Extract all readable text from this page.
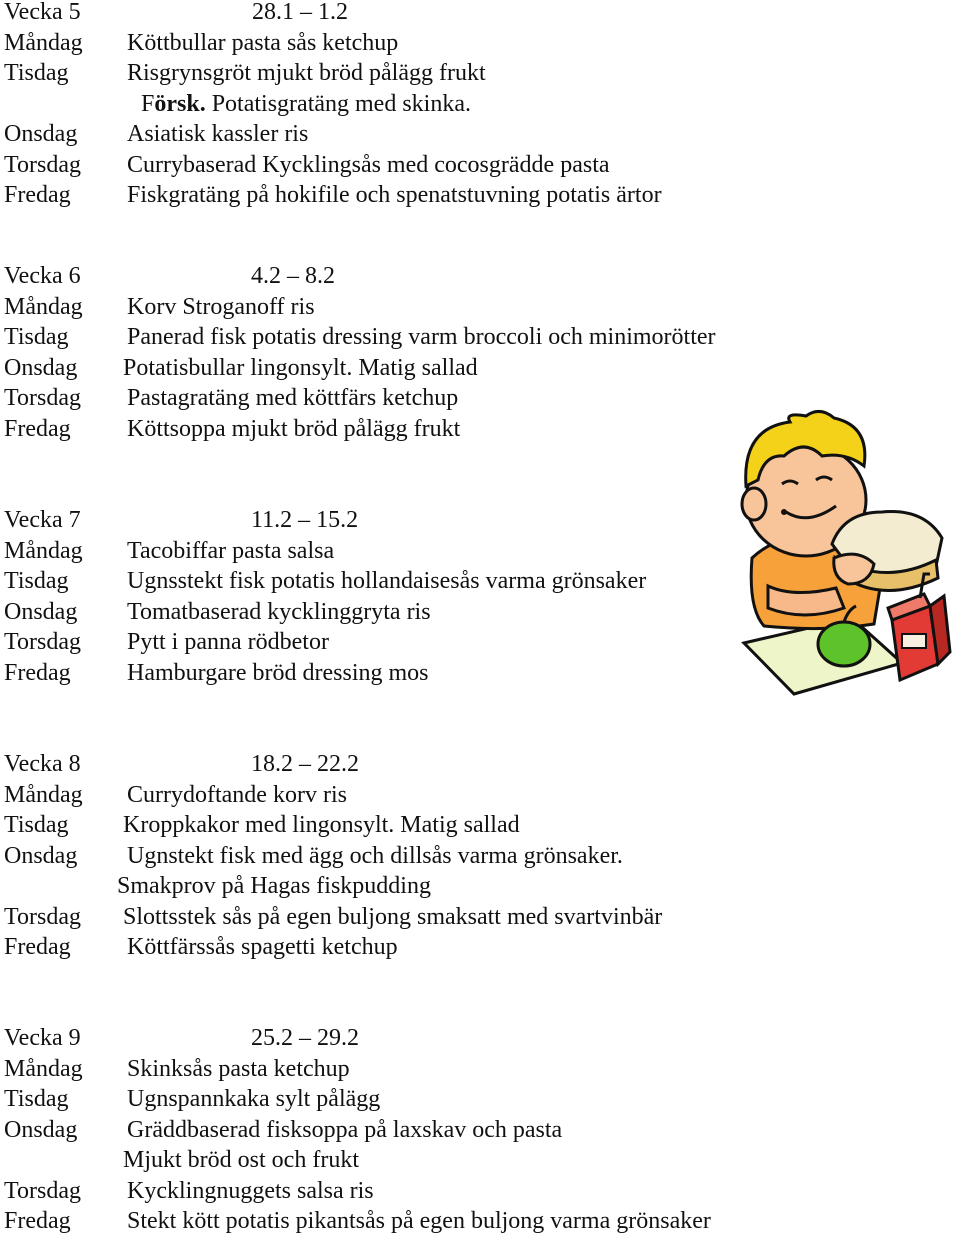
Vecka 5	28.1 – 1.2
Måndag Köttbullar pasta sås ketchup
Tisdag Risgrynsgröt mjukt bröd pålägg frukt
Försk. Potatisgratäng med skinka.
Onsdag Asiatisk kassler ris
Torsdag Currybaserad Kycklingsås med cocosgrädde pasta
Fredag Fiskgratäng på hokifile och spenatstuvning potatis ärtor
Vecka 6	4.2 – 8.2
Måndag Korv Stroganoff ris
Tisdag Panerad fisk potatis dressing varm broccoli och minimorötter
Onsdag Potatisbullar lingonsylt. Matig sallad
Torsdag Pastagratäng med köttfärs ketchup
Fredag Köttsoppa mjukt bröd pålägg frukt
Vecka 7	11.2 – 15.2
Måndag Tacobiffar pasta salsa
Tisdag Ugnsstekt fisk potatis hollandaisesås varma grönsaker
Onsdag Tomatbaserad kycklinggryta ris
Torsdag Pytt i panna rödbetor
Fredag Hamburgare bröd dressing mos
Vecka 8	18.2 – 22.2
Måndag Currydoftande korv ris
Tisdag Kroppkakor med lingonsylt. Matig sallad
Onsdag Ugnstekt fisk med ägg och dillsås varma grönsaker.
Smakprov på Hagas fiskpudding
Torsdag Slottsstek sås på egen buljong smaksatt med svartvinbär
Fredag Köttfärssås spagetti ketchup
Vecka 9	25.2 – 29.2
Måndag Skinksås pasta ketchup
Tisdag Ugnspannkaka sylt pålägg
Onsdag Gräddbaserad fisksoppa på laxskav och pasta
Mjukt bröd ost och frukt
Torsdag Kycklingnuggets salsa ris
Fredag Stekt kött potatis pikantsås på egen buljong varma grönsaker
